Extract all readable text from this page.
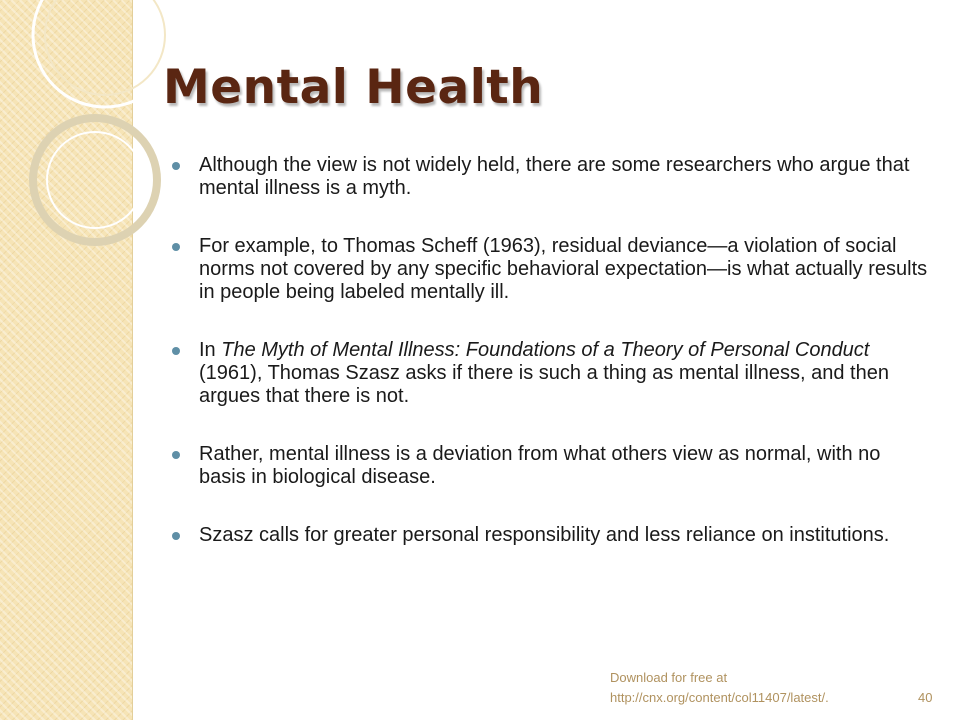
Mental Health
Although the view is not widely held, there are some researchers who argue that mental illness is a myth.
For example, to Thomas Scheff (1963), residual deviance—a violation of social norms not covered by any specific behavioral expectation—is what actually results in people being labeled mentally ill.
In The Myth of Mental Illness: Foundations of a Theory of Personal Conduct (1961), Thomas Szasz asks if there is such a thing as mental illness, and then argues that there is not.
Rather, mental illness is a deviation from what others view as normal, with no basis in biological disease.
Szasz calls for greater personal responsibility and less reliance on institutions.
Download for free at
http://cnx.org/content/col11407/latest/.	40
